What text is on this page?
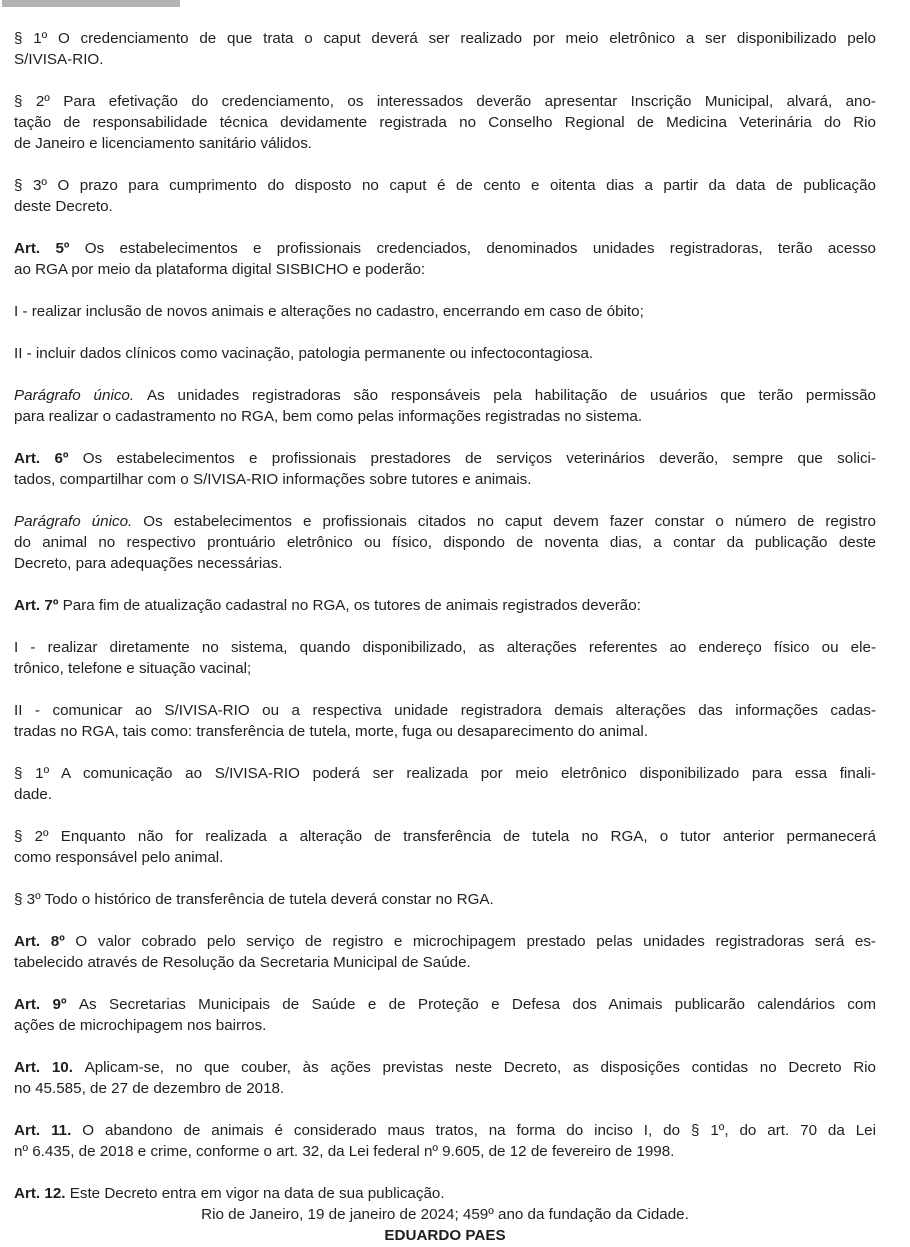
§ 1º O credenciamento de que trata o caput deverá ser realizado por meio eletrônico a ser disponibilizado pelo
S/IVISA-RIO.

§ 2º Para efetivação do credenciamento, os interessados deverão apresentar Inscrição Municipal, alvará, ano-
tação de responsabilidade técnica devidamente registrada no Conselho Regional de Medicina Veterinária do Rio
de Janeiro e licenciamento sanitário válidos.

§ 3º O prazo para cumprimento do disposto no caput é de cento e oitenta dias a partir da data de publicação
deste Decreto.

Art. 5º Os estabelecimentos e profissionais credenciados, denominados unidades registradoras, terão acesso
ao RGA por meio da plataforma digital SISBICHO e poderão:

I - realizar inclusão de novos animais e alterações no cadastro, encerrando em caso de óbito;

II - incluir dados clínicos como vacinação, patologia permanente ou infectocontagiosa.

Parágrafo único. As unidades registradoras são responsáveis pela habilitação de usuários que terão permissão
para realizar o cadastramento no RGA, bem como pelas informações registradas no sistema.

Art. 6º Os estabelecimentos e profissionais prestadores de serviços veterinários deverão, sempre que solici-
tados, compartilhar com o S/IVISA-RIO informações sobre tutores e animais.

Parágrafo único. Os estabelecimentos e profissionais citados no caput devem fazer constar o número de registro
do animal no respectivo prontuário eletrônico ou físico, dispondo de noventa dias, a contar da publicação deste
Decreto, para adequações necessárias.

Art. 7º Para fim de atualização cadastral no RGA, os tutores de animais registrados deverão:

I - realizar diretamente no sistema, quando disponibilizado, as alterações referentes ao endereço físico ou ele-
trônico, telefone e situação vacinal;

II - comunicar ao S/IVISA-RIO ou a respectiva unidade registradora demais alterações das informações cadas-
tradas no RGA, tais como: transferência de tutela, morte, fuga ou desaparecimento do animal.

§ 1º A comunicação ao S/IVISA-RIO poderá ser realizada por meio eletrônico disponibilizado para essa finali-
dade.

§ 2º Enquanto não for realizada a alteração de transferência de tutela no RGA, o tutor anterior permanecerá
como responsável pelo animal.

§ 3º Todo o histórico de transferência de tutela deverá constar no RGA.

Art. 8º O valor cobrado pelo serviço de registro e microchipagem prestado pelas unidades registradoras será es-
tabelecido através de Resolução da Secretaria Municipal de Saúde.

Art. 9º As Secretarias Municipais de Saúde e de Proteção e Defesa dos Animais publicarão calendários com
ações de microchipagem nos bairros.

Art. 10. Aplicam-se, no que couber, às ações previstas neste Decreto, as disposições contidas no Decreto Rio
no 45.585, de 27 de dezembro de 2018.

Art. 11. O abandono de animais é considerado maus tratos, na forma do inciso I, do § 1º, do art. 70 da Lei
nº 6.435, de 2018 e crime, conforme o art. 32, da Lei federal nº 9.605, de 12 de fevereiro de 1998.

Art. 12. Este Decreto entra em vigor na data de sua publicação.
Rio de Janeiro, 19 de janeiro de 2024; 459º ano da fundação da Cidade.
EDUARDO PAES
